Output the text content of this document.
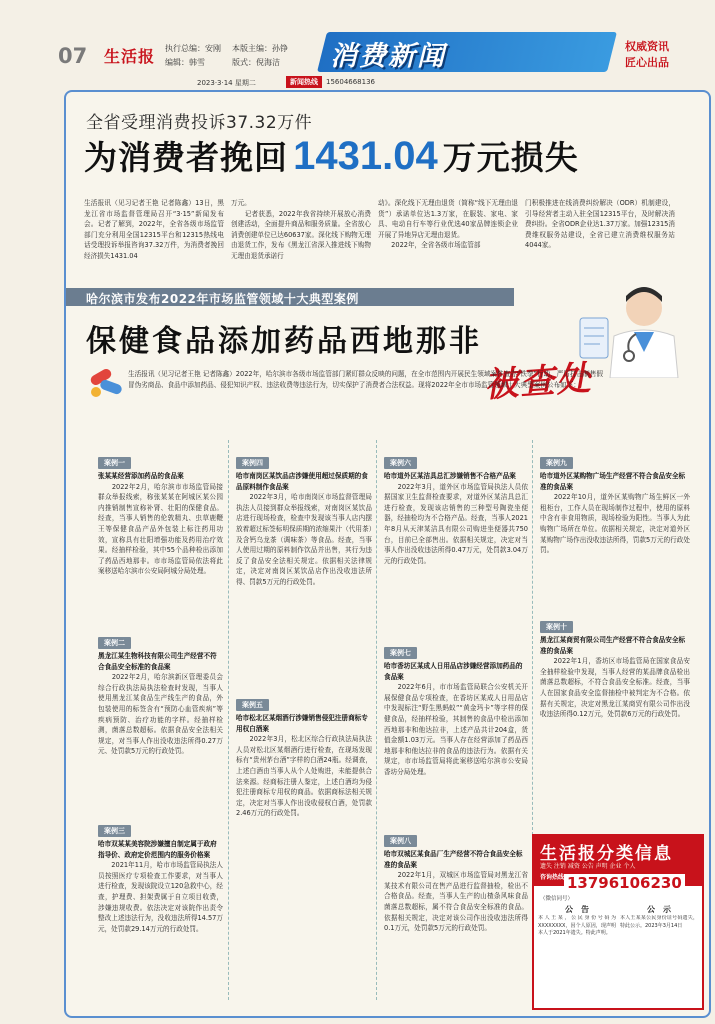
07 生活报 执行总编：安刚 本版主编：孙铮
编辑：韩雪	版式：倪海洁 消费新闻	权威资讯
匠心出品
2023·3·14 星期二	新闻热线	15604668136
全省受理消费投诉37.32万件
为消费者挽回 1431.04 万元损失
生活报讯（见习记者王艳 记者陈鑫）13日，黑龙江省市场监督管理局召开“3·15”新闻发布会。记者了解到，2022年，全省各级市场监管部门充分利用全国12315平台和12315热线电话受理投诉举报咨询37.32万件，为消费者挽回经济损失1431.04
万元。
　　记者获悉，2022年我省持续开展放心消费创建活动，全面提升商品和服务质量。全省放心消费创建单位已达60637家。深化线下购物无理由退货工作，发布《黑龙江省深入推进线下购物无理由退货承诺行
动》。深化线下无理由退货（简称“线下无理由退货”）承诺单位达1.3万家，在服装、家电、家具、电动自行车等行业优选40家品牌连锁企业开展了异地异店无理由退货。
　　2022年，全省各级市场监管部
门积极推进在线消费纠纷解决（ODR）机制建设，引导经营者主动入驻全国12315平台，及时解决消费纠纷。全省ODR企业达1.37万家。加强12315消费维权服务站建设，全省已建立消费维权服务站4044家。
哈尔滨市发布2022年市场监管领域十大典型案例
保健食品添加药品西地那非
被查处
生活报讯（见习记者王艳 记者陈鑫）2022年，哈尔滨市各级市场监管部门紧盯群众反映的问题，在全市范围内开展民生领域案件查办“铁拳”行动，严厉打击制售假冒伪劣商品、食品中添加药品、侵犯知识产权、违法收费等违法行为，切实保护了消费者合法权益。现将2022年全市市场监管领域十大典型案例公布如下：
案例一
张某某经营添加药品的食品案
　　2022年2月，哈尔滨市市场监管局接群众举报线索，称张某某在阿城区某公园内推销制售宣称补肾、壮阳的保健食品。经查，当事人销售的伦敦精丸、虫草鹿鞭王等保健食品产品外包装上标注药用功效，宣称具有壮阳增强功能及药用治疗效果。经抽样检验，其中55个品种检出添加了药品西地那非。市市场监管局依法将此案移送哈尔滨市公安局阿城分局处理。
案例二
黑龙江某生物科技有限公司生产经营不符合食品安全标准的食品案
　　2022年2月，哈尔滨新区管理委员会综合行政执法局执法检查时发现，当事人使用黑龙江某食品生产线生产的食品，外包装使用的标签含有“预防心血管疾病”等疾病预防、治疗功能的字样。经抽样检测，菌落总数超标。依据食品安全法相关规定，对当事人作出没收违法所得0.27万元、处罚款5万元的行政处罚。
案例三
哈市双某某美容院涉嫌擅自制定属于政府指导价、政府定价范围内的服务价格案
　　2021年11月，哈市市场监管局执法人员按照医疗专项检查工作要求，对当事人进行检查，发现该院设立120急救中心，经查，护理费、担架费属于自立项目收费，涉嫌违规收费。依法决定对该院作出责令整改上述违法行为，没收违法所得14.57万元，处罚款29.14万元的行政处罚。
案例四
哈市南岗区某饮品店涉嫌使用超过保质期的食品原料制作食品案
　　2022年3月，哈市南岗区市场监督管理局执法人员接到群众举报线索，对南岗区某饮品店进行现场检查，检查中发现该当事人店内摆放着超过标签标明保质期的浓缩果汁（代用茶）及含钙乌龙茶（调味茶）等食品。经查，当事人使用过期的原料制作饮品并出售，其行为违反了食品安全法相关规定。依据相关法律规定，决定对南岗区某饮品店作出没收违法所得、罚款5万元的行政处罚。
案例五
哈市松北区某烟酒行涉嫌销售侵犯注册商标专用权白酒案
　　2022年3月，松北区综合行政执法局执法人员对松北区某烟酒行进行检查，在现场发现标有“贵州茅台酒”字样的白酒24瓶。经调查，上述白酒由当事人从个人处购进，未能提供合法来源。经商标注册人鉴定，上述白酒均为侵犯注册商标专用权的商品。依据商标法相关规定，决定对当事人作出没收侵权白酒，处罚款2.46万元的行政处罚。
案例六
哈市道外区某洁具总汇涉嫌销售不合格产品案
　　2022年3月，道外区市场监管局执法人员依据国家卫生监督检查要求，对道外区某洁具总汇进行检查，发现该店销售的三种型号陶瓷坐便器，经抽检均为不合格产品。经查，当事人2021年8月从天津某洁具有限公司购进坐便器共750台，目前已全部售出。依据相关规定，决定对当事人作出没收违法所得0.47万元，处罚款3.04万元的行政处罚。
案例七
哈市香坊区某成人日用品店涉嫌经营添加药品的食品案
　　2022年6月，市市场监管局联合公安机关开展保健食品专项检查，在香坊区某成人日用品店中发现标注“野生黑蚂蚁”“黄金玛卡”等字样的保健食品，经抽样检验，其制售的食品中检出添加西地那非和他达拉非，上述产品共计204盒，货值金额1.03万元。当事人存在经营添加了药品西地那非和他达拉非的食品的违法行为。依据有关规定，市市场监管局将此案移送哈尔滨市公安局香坊分局处理。
案例八
哈市双城区某食品厂生产经营不符合食品安全标准的食品案
　　2022年1月，双城区市场监管局对黑龙江省某技术有限公司在售产品进行监督抽检，检出不合格食品。经查，当事人生产的山楂条风味食品菌落总数超标，属不符合食品安全标准的食品。依据相关规定，决定对该公司作出没收违法所得0.1万元，处罚款5万元的行政处罚。
案例九
哈市道外区某购物广场生产经营不符合食品安全标准的食品案
　　2022年10月，道外区某购物广场生鲜区一外租柜台，工作人员在现场制作过程中，使用的原料中含有非食用物质，现场检验为阳性。当事人为此购物广场所在单位。依据相关规定，决定对道外区某购物广场作出没收违法所得，罚款5万元的行政处罚。
案例十
黑龙江某商贸有限公司生产经营不符合食品安全标准的食品案
　　2022年1月，香坊区市场监管局在国家食品安全抽样检验中发现，当事人经营的某品牌食品检出菌落总数超标，不符合食品安全标准。经查，当事人在国家食品安全监督抽检中被判定为不合格。依据有关规定，决定对黑龙江某商贸有限公司作出没收违法所得0.12万元，处罚款6万元的行政处罚。
生活报分类信息
遗失 注销 减资 公告 声明 企业 个人
咨询热线 13796106230
（微信同号）
公　告
本人王某，公民身份号码为XXXXXXXX，因个人原因，现声明本人于2021年遗失。特此声明。
公　示
本人王某某公民身份证号码遗失，特此公示。2023年3月14日
